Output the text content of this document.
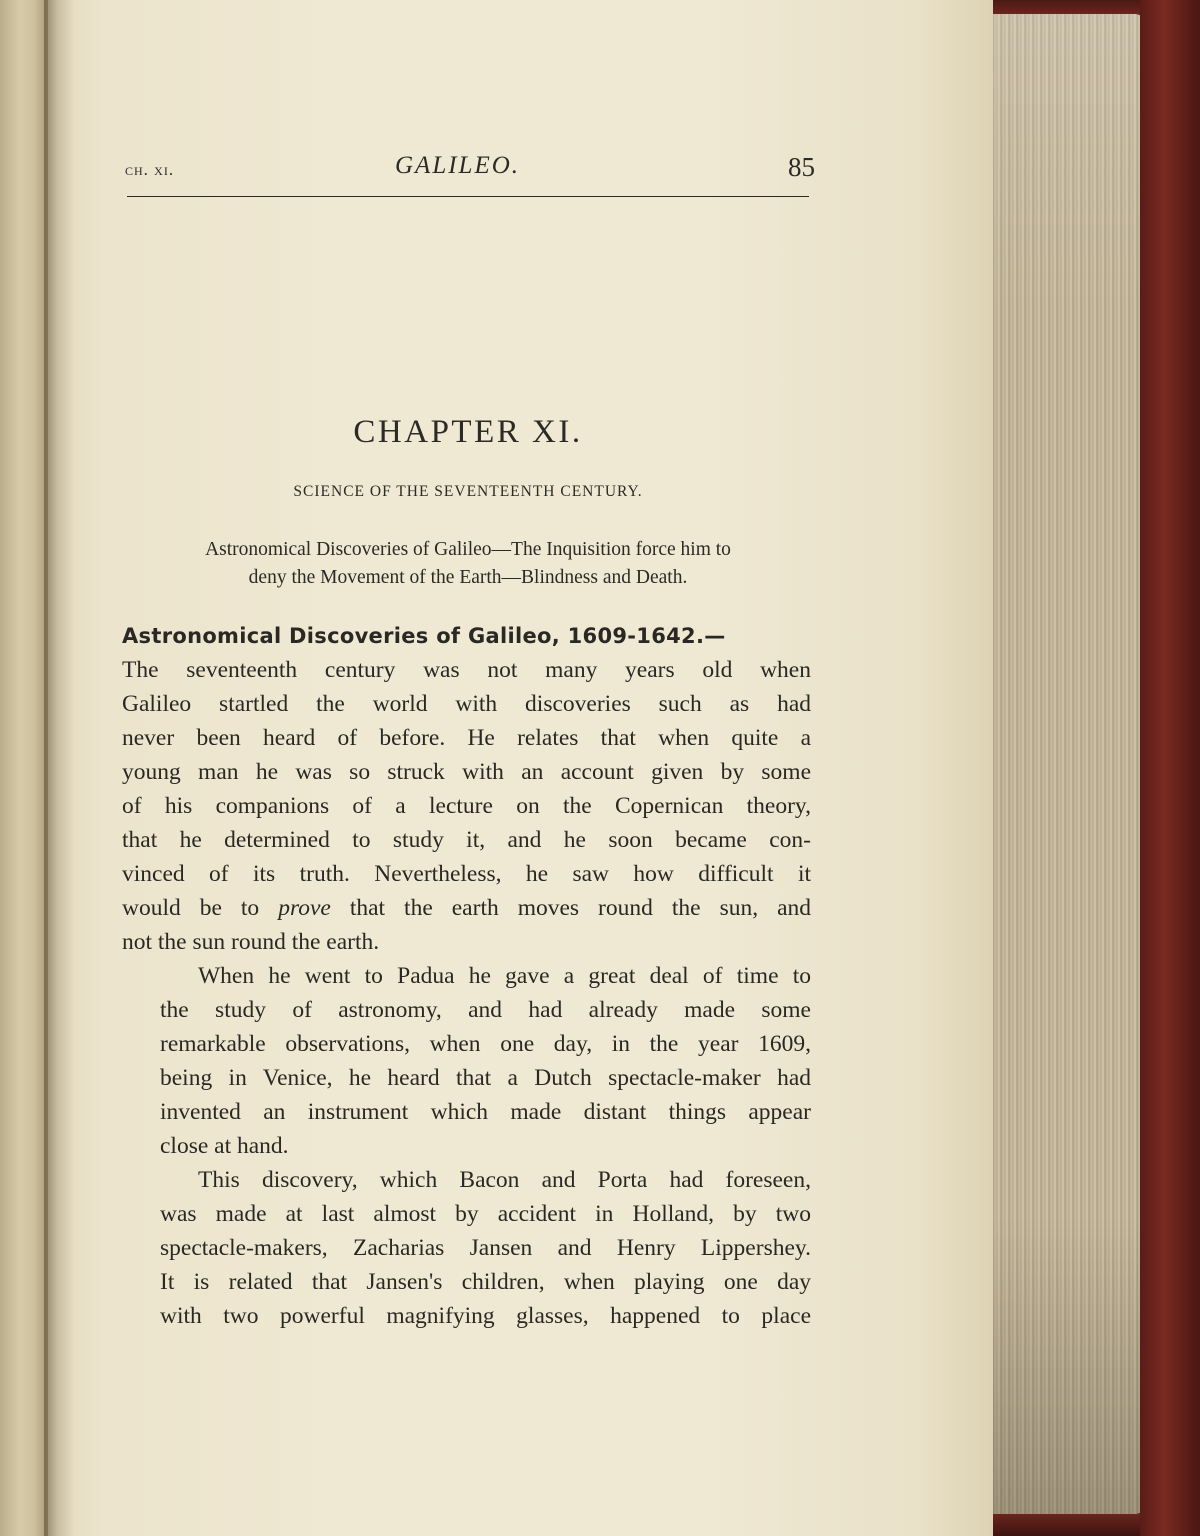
ch. xi.	GALILEO.	85
CHAPTER XI.
SCIENCE OF THE SEVENTEENTH CENTURY.
Astronomical Discoveries of Galileo—The Inquisition force him to
deny the Movement of the Earth—Blindness and Death.
Astronomical Discoveries of Galileo, 1609-1642.—
The seventeenth century was not many years old when
Galileo startled the world with discoveries such as had
never been heard of before. He relates that when quite a
young man he was so struck with an account given by some
of his companions of a lecture on the Copernican theory,
that he determined to study it, and he soon became con-
vinced of its truth. Nevertheless, he saw how difficult it
would be to prove that the earth moves round the sun, and
not the sun round the earth.
When he went to Padua he gave a great deal of time to
the study of astronomy, and had already made some
remarkable observations, when one day, in the year 1609,
being in Venice, he heard that a Dutch spectacle-maker had
invented an instrument which made distant things appear
close at hand.
This discovery, which Bacon and Porta had foreseen,
was made at last almost by accident in Holland, by two
spectacle-makers, Zacharias Jansen and Henry Lippershey.
It is related that Jansen's children, when playing one day
with two powerful magnifying glasses, happened to place
